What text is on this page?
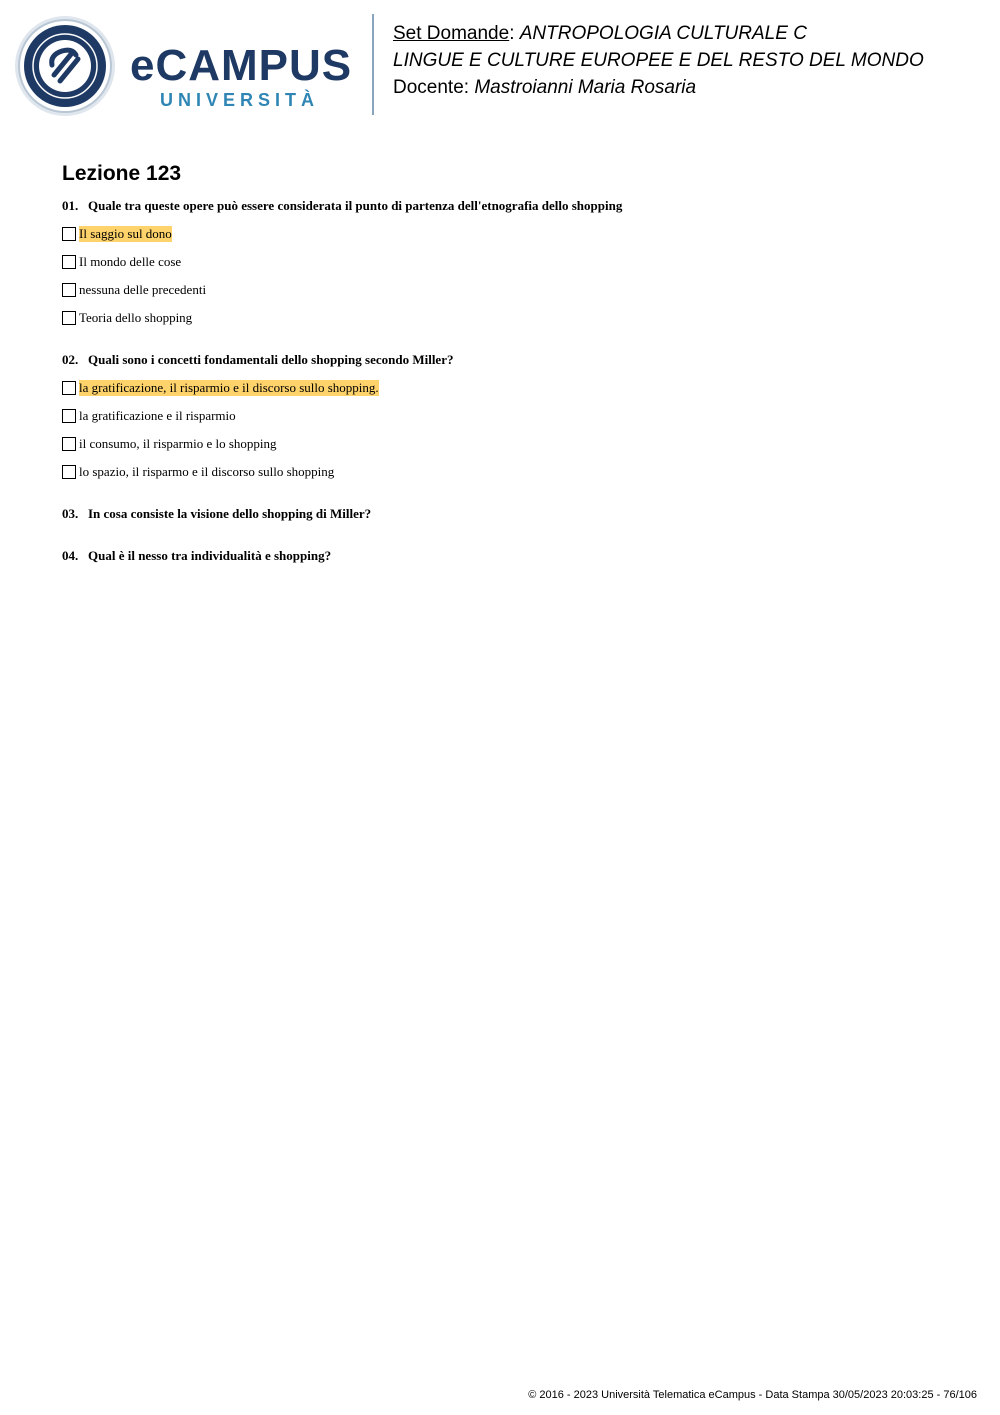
eCAMPUS
UNIVERSITÀ
Set Domande: ANTROPOLOGIA CULTURALE C
LINGUE E CULTURE EUROPEE E DEL RESTO DEL MONDO
Docente: Mastroianni Maria Rosaria
Lezione 123
01. Quale tra queste opere può essere considerata il punto di partenza dell'etnografia dello shopping
Il saggio sul dono
Il mondo delle cose
nessuna delle precedenti
Teoria dello shopping
02. Quali sono i concetti fondamentali dello shopping secondo Miller?
la gratificazione, il risparmio e il discorso sullo shopping.
la gratificazione e il risparmio
il consumo, il risparmio e lo shopping
lo spazio, il risparmo e il discorso sullo shopping
03. In cosa consiste la visione dello shopping di Miller?
04. Qual è il nesso tra individualità e shopping?
© 2016 - 2023 Università Telematica eCampus - Data Stampa 30/05/2023 20:03:25 - 76/106
